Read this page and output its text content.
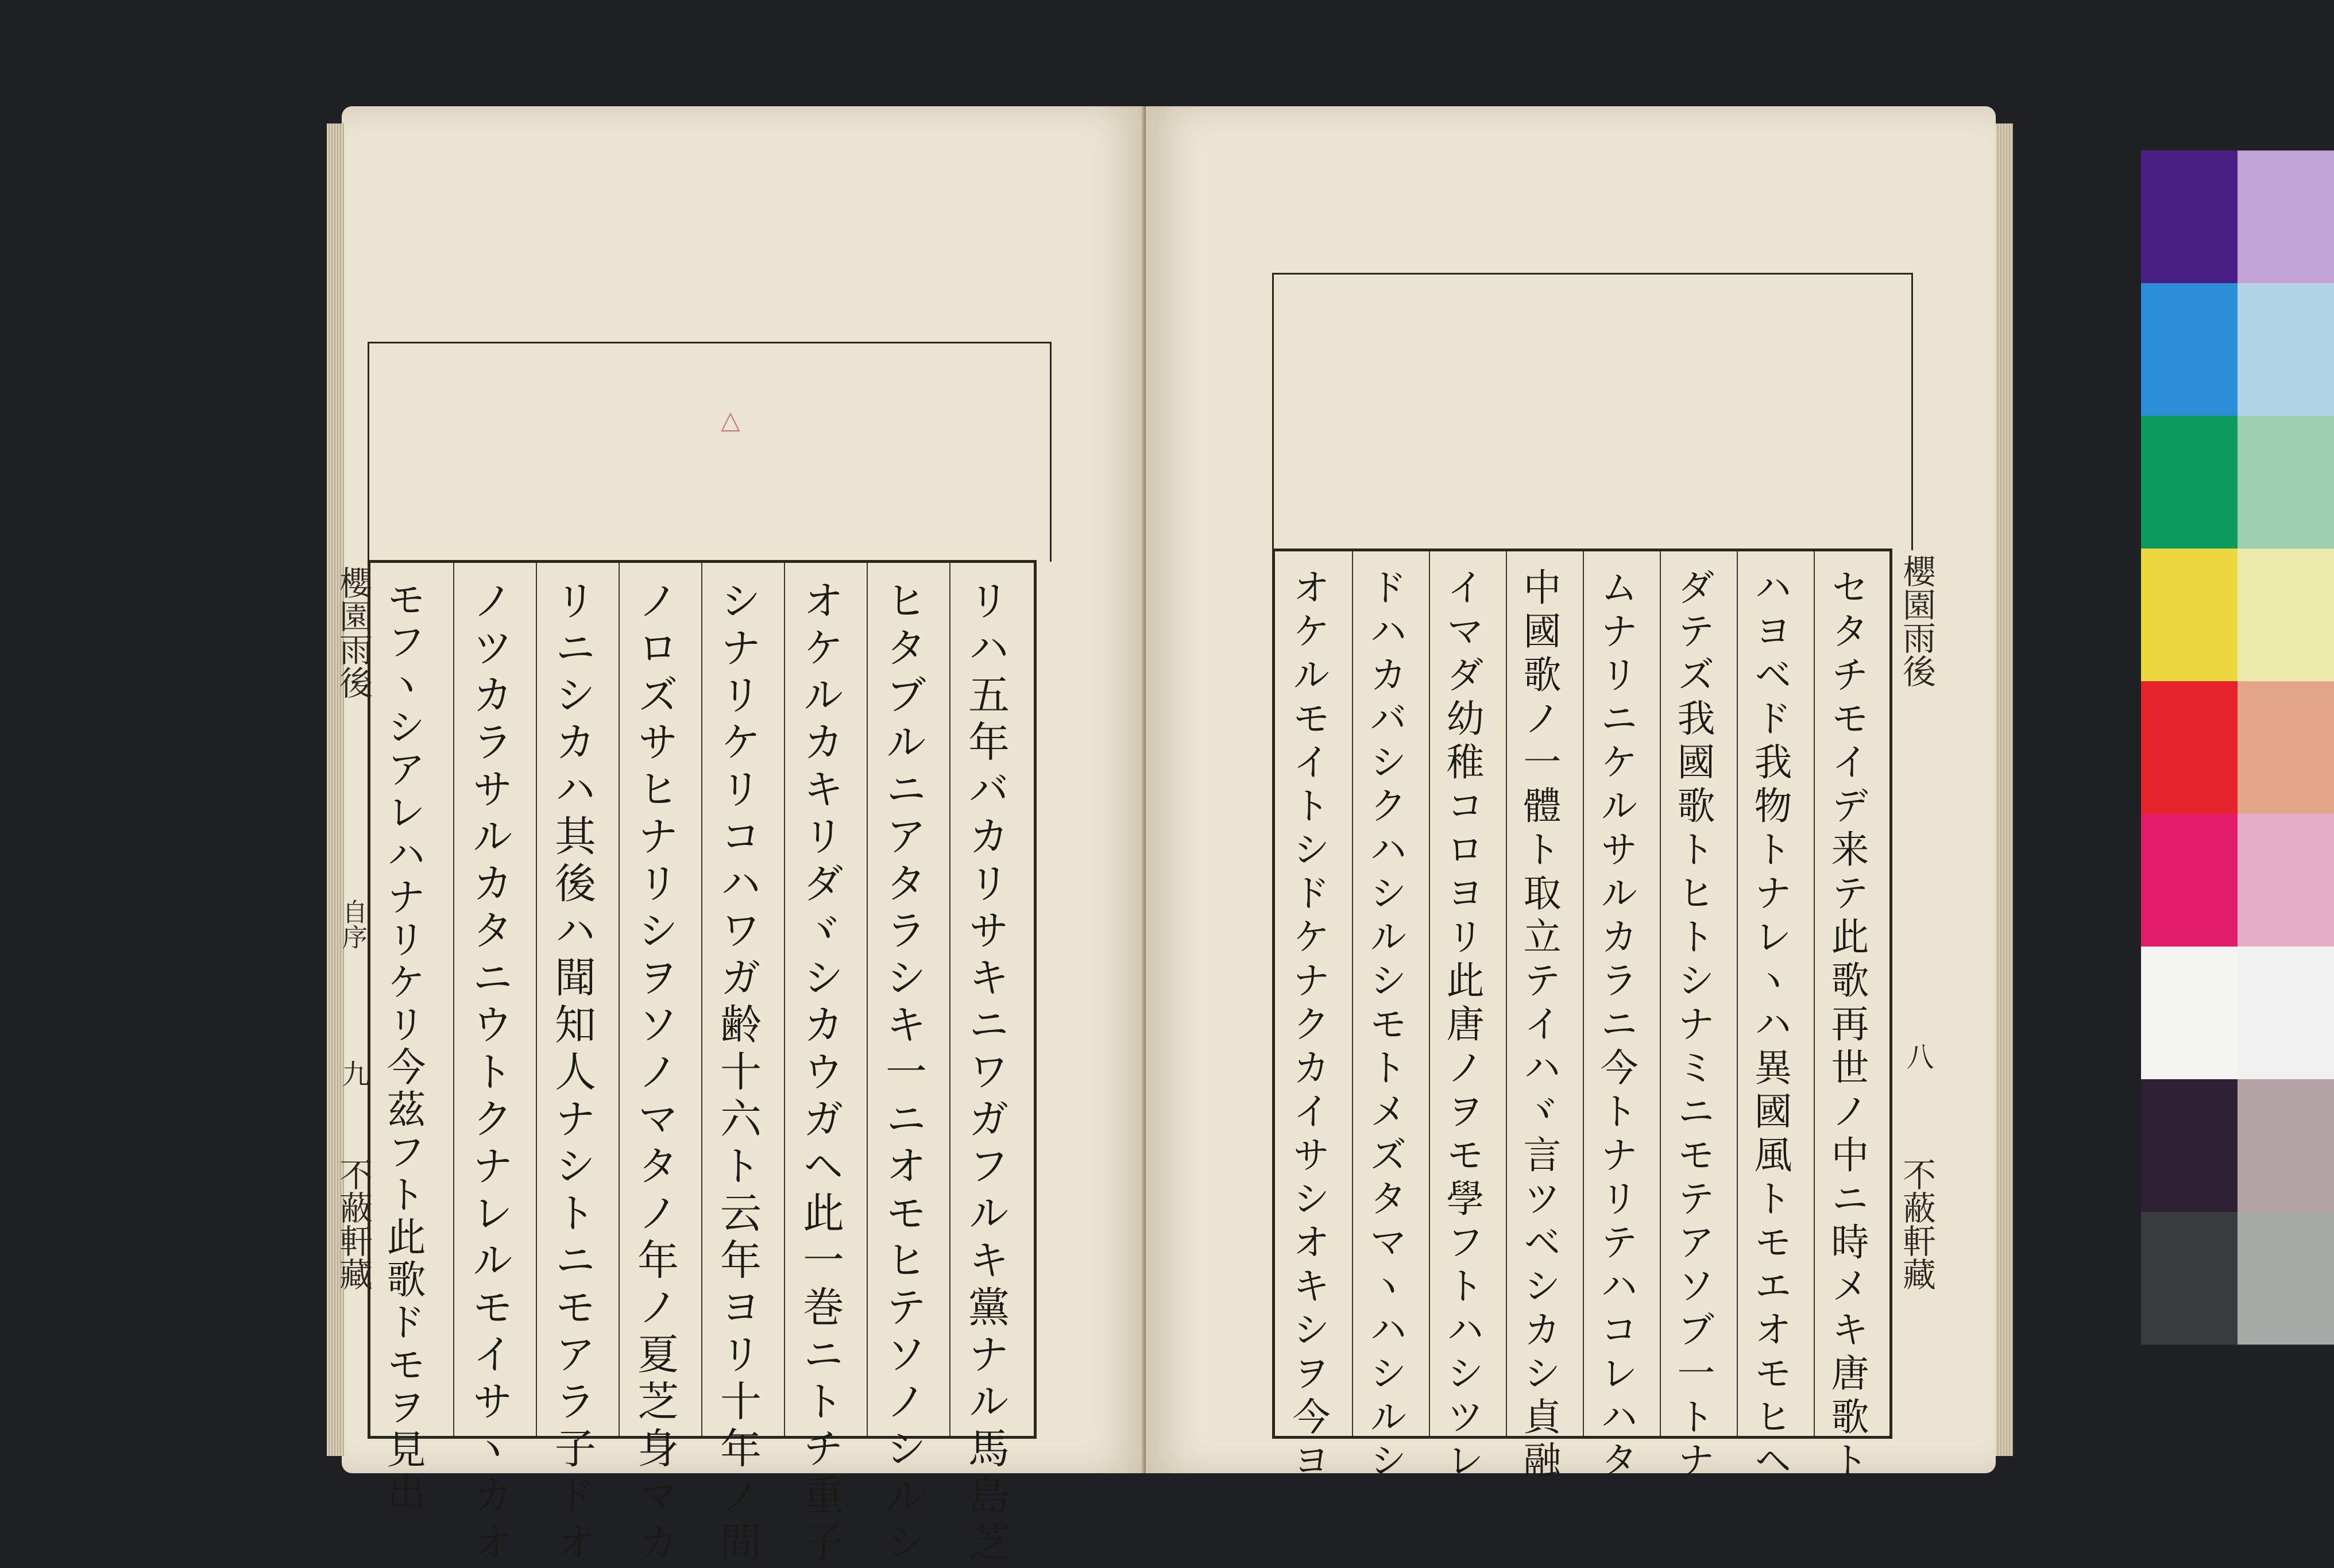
△
リハ五年バカリサキニワガフルキ黨ナル馬島芝
ヒタブルニアタラシキ一ニオモヒテソノシルシ
オケルカキリダヾシカウガヘ此一巻ニトチ重子
シナリケリコハワガ齢十六ト云年ヨリ十年ノ間
ノロズサヒナリシヲソノマタノ年ノ夏芝身マカ
リニシカハ其後ハ聞知人ナシトニモアラ子ドオ
ノツカラサルカタニウトクナレルモイサヽカオ
モフヽシアレハナリケリ今茲フト此歌ドモヲ見出
櫻園雨後
自序
九
不蔽軒藏	セタチモイデ来テ此歌再世ノ中ニ時メキ唐歌ト
ハヨベド我物トナレヽハ異國風トモエオモヒヘ
ダテズ我國歌トヒトシナミニモテアソブ一トナ
ムナリニケルサルカラニ今トナリテハコレハタ
中國歌ノ一體ト取立テイハヾ言ツベシカシ貞融
イマダ幼稚コロヨリ此唐ノヲモ學フトハシツレ
ドハカバシクハシルシモトメズタマヽハシルシ
オケルモイトシドケナクカイサシオキシヲ今ヨ	櫻園雨後
八
不蔽軒藏
